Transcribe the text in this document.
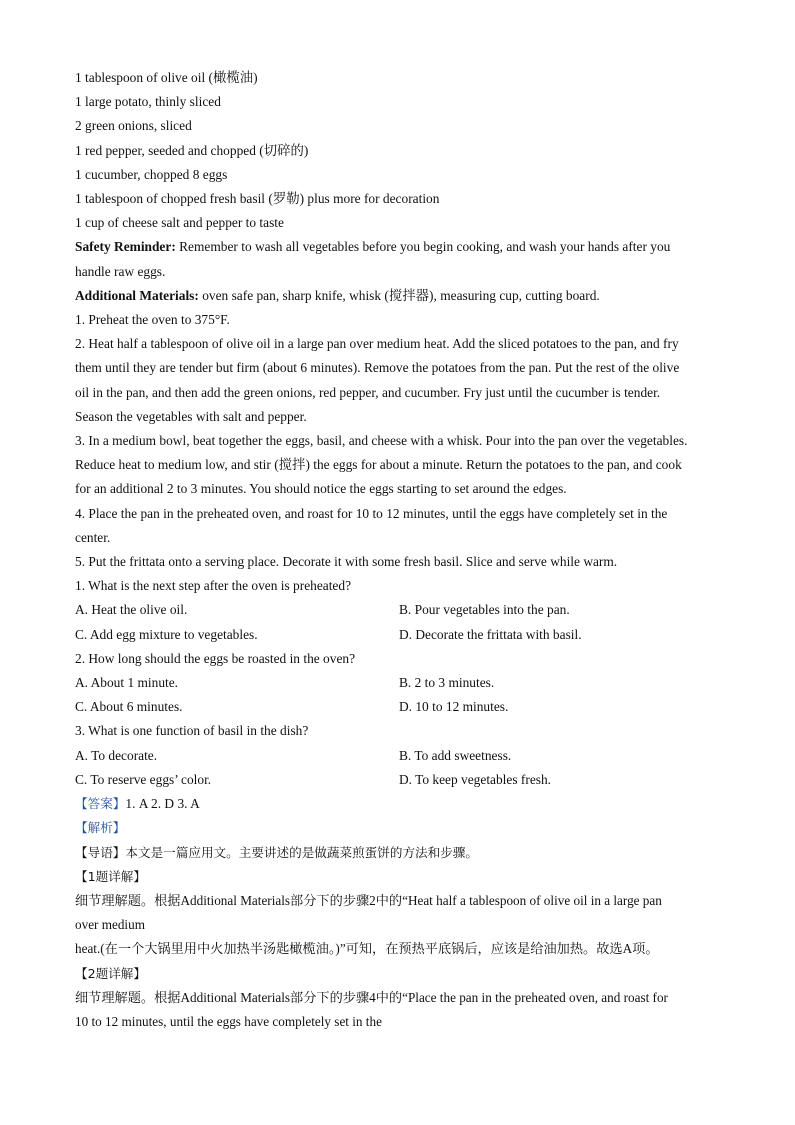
1 tablespoon of olive oil (橄榄油)
1 large potato, thinly sliced
2 green onions, sliced
1 red pepper, seeded and chopped (切碎的)
1 cucumber, chopped 8 eggs
1 tablespoon of chopped fresh basil (罗勒) plus more for decoration
1 cup of cheese salt and pepper to taste
Safety Reminder: Remember to wash all vegetables before you begin cooking, and wash your hands after you
handle raw eggs.
Additional Materials: oven safe pan, sharp knife, whisk (搅拌器), measuring cup, cutting board.
1. Preheat the oven to 375°F.
2. Heat half a tablespoon of olive oil in a large pan over medium heat. Add the sliced potatoes to the pan, and fry
them until they are tender but firm (about 6 minutes). Remove the potatoes from the pan. Put the rest of the olive
oil in the pan, and then add the green onions, red pepper, and cucumber. Fry just until the cucumber is tender.
Season the vegetables with salt and pepper.
3. In a medium bowl, beat together the eggs, basil, and cheese with a whisk. Pour into the pan over the vegetables.
Reduce heat to medium low, and stir (搅拌) the eggs for about a minute. Return the potatoes to the pan, and cook
for an additional 2 to 3 minutes. You should notice the eggs starting to set around the edges.
4. Place the pan in the preheated oven, and roast for 10 to 12 minutes, until the eggs have completely set in the
center.
5. Put the frittata onto a serving place. Decorate it with some fresh basil. Slice and serve while warm.
1. What is the next step after the oven is preheated?
A. Heat the olive oil.	B. Pour vegetables into the pan.
C. Add egg mixture to vegetables.	D. Decorate the frittata with basil.
2. How long should the eggs be roasted in the oven?
A. About 1 minute.	B. 2 to 3 minutes.
C. About 6 minutes.	D. 10 to 12 minutes.
3. What is one function of basil in the dish?
A. To decorate.	B. To add sweetness.
C. To reserve eggs’ color.	D. To keep vegetables fresh.
【答案】1. A 2. D 3. A
【解析】
【导语】本文是一篇应用文。主要讲述的是做蔬菜煎蛋饼的方法和步骤。
【1题详解】
细节理解题。根据Additional Materials部分下的步骤2中的“Heat half a tablespoon of olive oil in a large pan
over medium
heat.(在一个大锅里用中火加热半汤匙橄榄油。)”可知，在预热平底锅后，应该是给油加热。故选A项。
【2题详解】
细节理解题。根据Additional Materials部分下的步骤4中的“Place the pan in the preheated oven, and roast for
10 to 12 minutes, until the eggs have completely set in the
